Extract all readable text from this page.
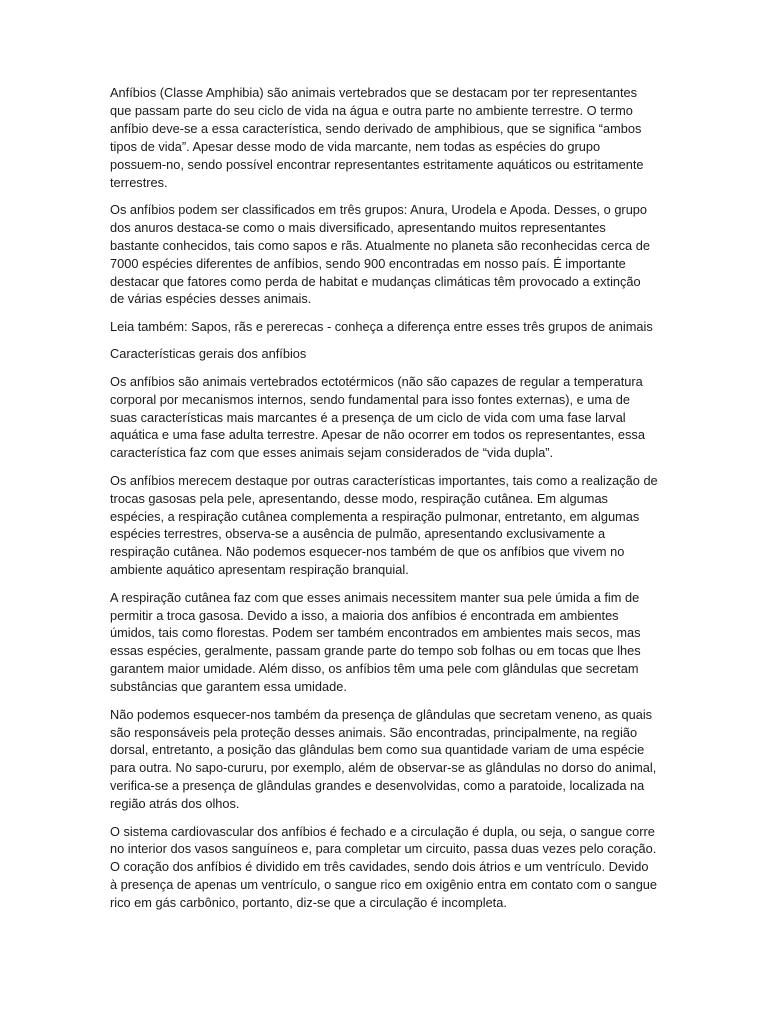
Anfíbios (Classe Amphibia) são animais vertebrados que se destacam por ter representantes que passam parte do seu ciclo de vida na água e outra parte no ambiente terrestre. O termo anfíbio deve-se a essa característica, sendo derivado de amphibious, que se significa “ambos tipos de vida”. Apesar desse modo de vida marcante, nem todas as espécies do grupo possuem-no, sendo possível encontrar representantes estritamente aquáticos ou estritamente terrestres.

Os anfíbios podem ser classificados em três grupos: Anura, Urodela e Apoda. Desses, o grupo dos anuros destaca-se como o mais diversificado, apresentando muitos representantes bastante conhecidos, tais como sapos e rãs. Atualmente no planeta são reconhecidas cerca de 7000 espécies diferentes de anfíbios, sendo 900 encontradas em nosso país. É importante destacar que fatores como perda de habitat e mudanças climáticas têm provocado a extinção de várias espécies desses animais.

Leia também: Sapos, rãs e pererecas - conheça a diferença entre esses três grupos de animais

Características gerais dos anfíbios

Os anfíbios são animais vertebrados ectotérmicos (não são capazes de regular a temperatura corporal por mecanismos internos, sendo fundamental para isso fontes externas), e uma de suas características mais marcantes é a presença de um ciclo de vida com uma fase larval aquática e uma fase adulta terrestre. Apesar de não ocorrer em todos os representantes, essa característica faz com que esses animais sejam considerados de “vida dupla”.

Os anfíbios merecem destaque por outras características importantes, tais como a realização de trocas gasosas pela pele, apresentando, desse modo, respiração cutânea. Em algumas espécies, a respiração cutânea complementa a respiração pulmonar, entretanto, em algumas espécies terrestres, observa-se a ausência de pulmão, apresentando exclusivamente a respiração cutânea. Não podemos esquecer-nos também de que os anfíbios que vivem no ambiente aquático apresentam respiração branquial.

A respiração cutânea faz com que esses animais necessitem manter sua pele úmida a fim de permitir a troca gasosa. Devido a isso, a maioria dos anfíbios é encontrada em ambientes úmidos, tais como florestas. Podem ser também encontrados em ambientes mais secos, mas essas espécies, geralmente, passam grande parte do tempo sob folhas ou em tocas que lhes garantem maior umidade. Além disso, os anfíbios têm uma pele com glândulas que secretam substâncias que garantem essa umidade.

Não podemos esquecer-nos também da presença de glândulas que secretam veneno, as quais são responsáveis pela proteção desses animais. São encontradas, principalmente, na região dorsal, entretanto, a posição das glândulas bem como sua quantidade variam de uma espécie para outra. No sapo-cururu, por exemplo, além de observar-se as glândulas no dorso do animal, verifica-se a presença de glândulas grandes e desenvolvidas, como a paratoide, localizada na região atrás dos olhos.

O sistema cardiovascular dos anfíbios é fechado e a circulação é dupla, ou seja, o sangue corre no interior dos vasos sanguíneos e, para completar um circuito, passa duas vezes pelo coração. O coração dos anfíbios é dividido em três cavidades, sendo dois átrios e um ventrículo. Devido à presença de apenas um ventrículo, o sangue rico em oxigênio entra em contato com o sangue rico em gás carbônico, portanto, diz-se que a circulação é incompleta.
